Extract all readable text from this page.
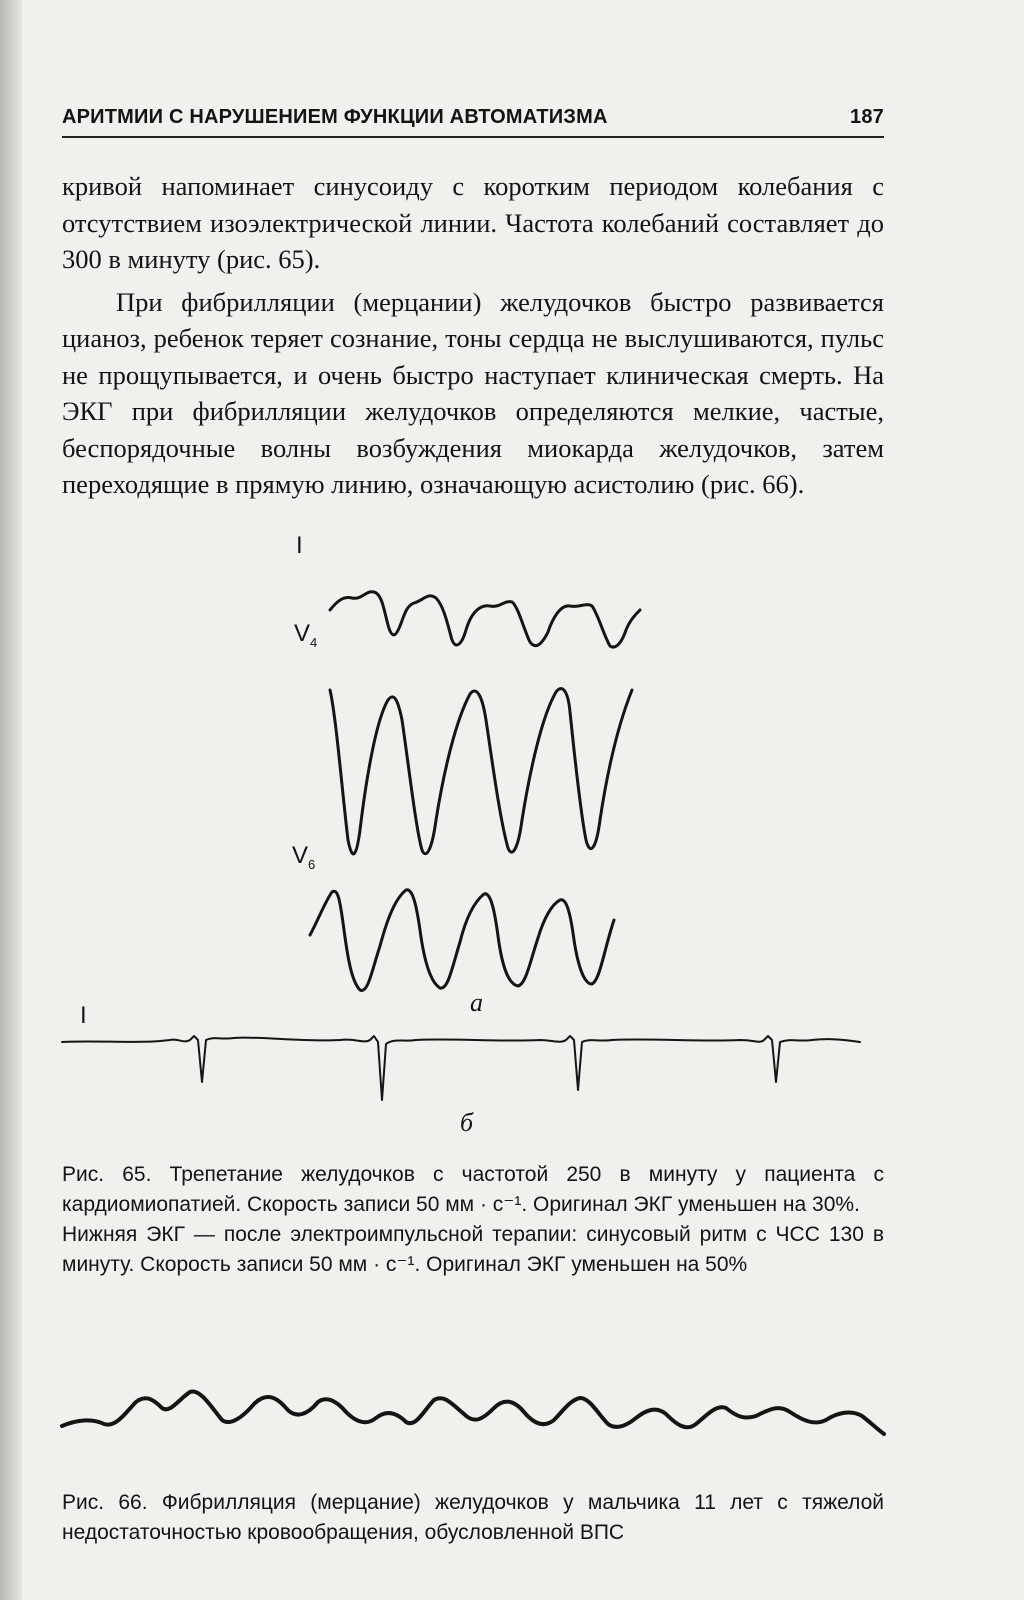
АРИТМИИ С НАРУШЕНИЕМ ФУНКЦИИ АВТОМАТИЗМА	187

кривой напоминает синусоиду с коротким периодом колебания с отсутствием изоэлектрической линии. Частота колебаний составляет до 300 в минуту (рис. 65).

При фибрилляции (мерцании) желудочков быстро развивается цианоз, ребенок теряет сознание, тоны сердца не выслушиваются, пульс не прощупывается, и очень быстро наступает клиническая смерть. На ЭКГ при фибрилляции желудочков определяются мелкие, частые, беспорядочные волны возбуждения миокарда желудочков, затем переходящие в прямую линию, означающую асистолию (рис. 66).

I
$V_4$
$V_6$
I	а
б

Рис. 65. Трепетание желудочков с частотой 250 в минуту у пациента с кардиомиопатией. Скорость записи 50 мм · с⁻¹. Оригинал ЭКГ уменьшен на 30%.

Нижняя ЭКГ — после электроимпульсной терапии: синусовый ритм с ЧСС 130 в минуту. Скорость записи 50 мм · с⁻¹. Оригинал ЭКГ уменьшен на 50%

Рис. 66. Фибрилляция (мерцание) желудочков у мальчика 11 лет с тяжелой недостаточностью кровообращения, обусловленной ВПС
